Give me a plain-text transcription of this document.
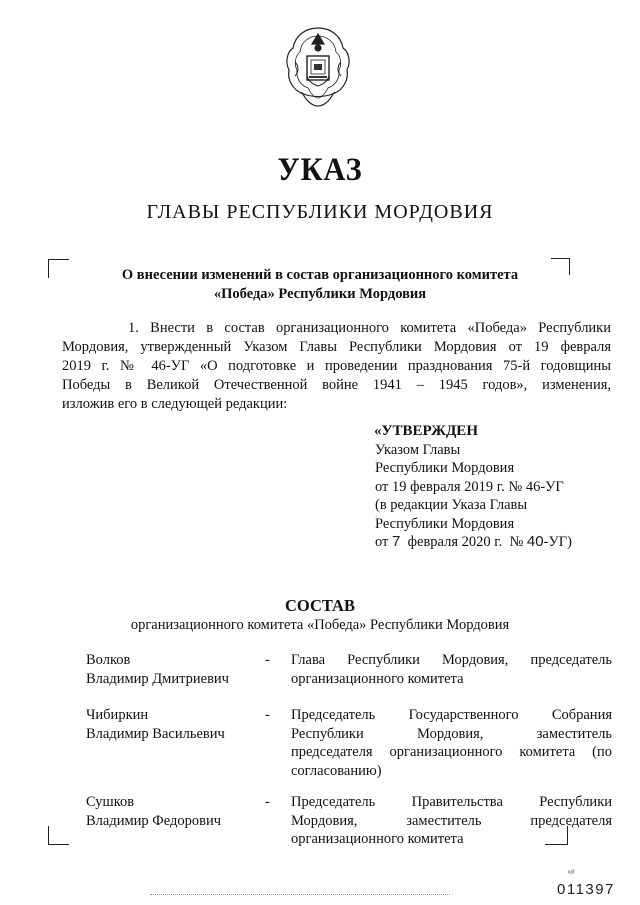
УКАЗ
ГЛАВЫ РЕСПУБЛИКИ МОРДОВИЯ
О внесении изменений в состав организационного комитета
«Победа» Республики Мордовия
1. Внести в состав организационного комитета «Победа» Республики
Мордовия, утвержденный Указом Главы Республики Мордовия от 19 февраля
2019 г. № 46-УГ «О подготовке и проведении празднования 75-й годовщины
Победы в Великой Отечественной войне 1941 – 1945 годов», изменения,
изложив его в следующей редакции:
«УТВЕРЖДЕН
Указом Главы
Республики Мордовия
от 19 февраля 2019 г. № 46-УГ
(в редакции Указа Главы
Республики Мордовия
от 7  февраля 2020 г.  № 40-УГ)
СОСТАВ
организационного комитета «Победа» Республики Мордовия
Волков
Владимир Дмитриевич
- Глава Республики Мордовия, председатель
организационного комитета
Чибиркин
Владимир Васильевич
- Председатель Государственного Собрания
Республики Мордовия, заместитель
председателя организационного комитета (по
согласованию)
Сушков
Владимир Федорович
- Председатель Правительства Республики
Мордовия, заместитель председателя
организационного комитета
ᵛᵃᶠ
011397
